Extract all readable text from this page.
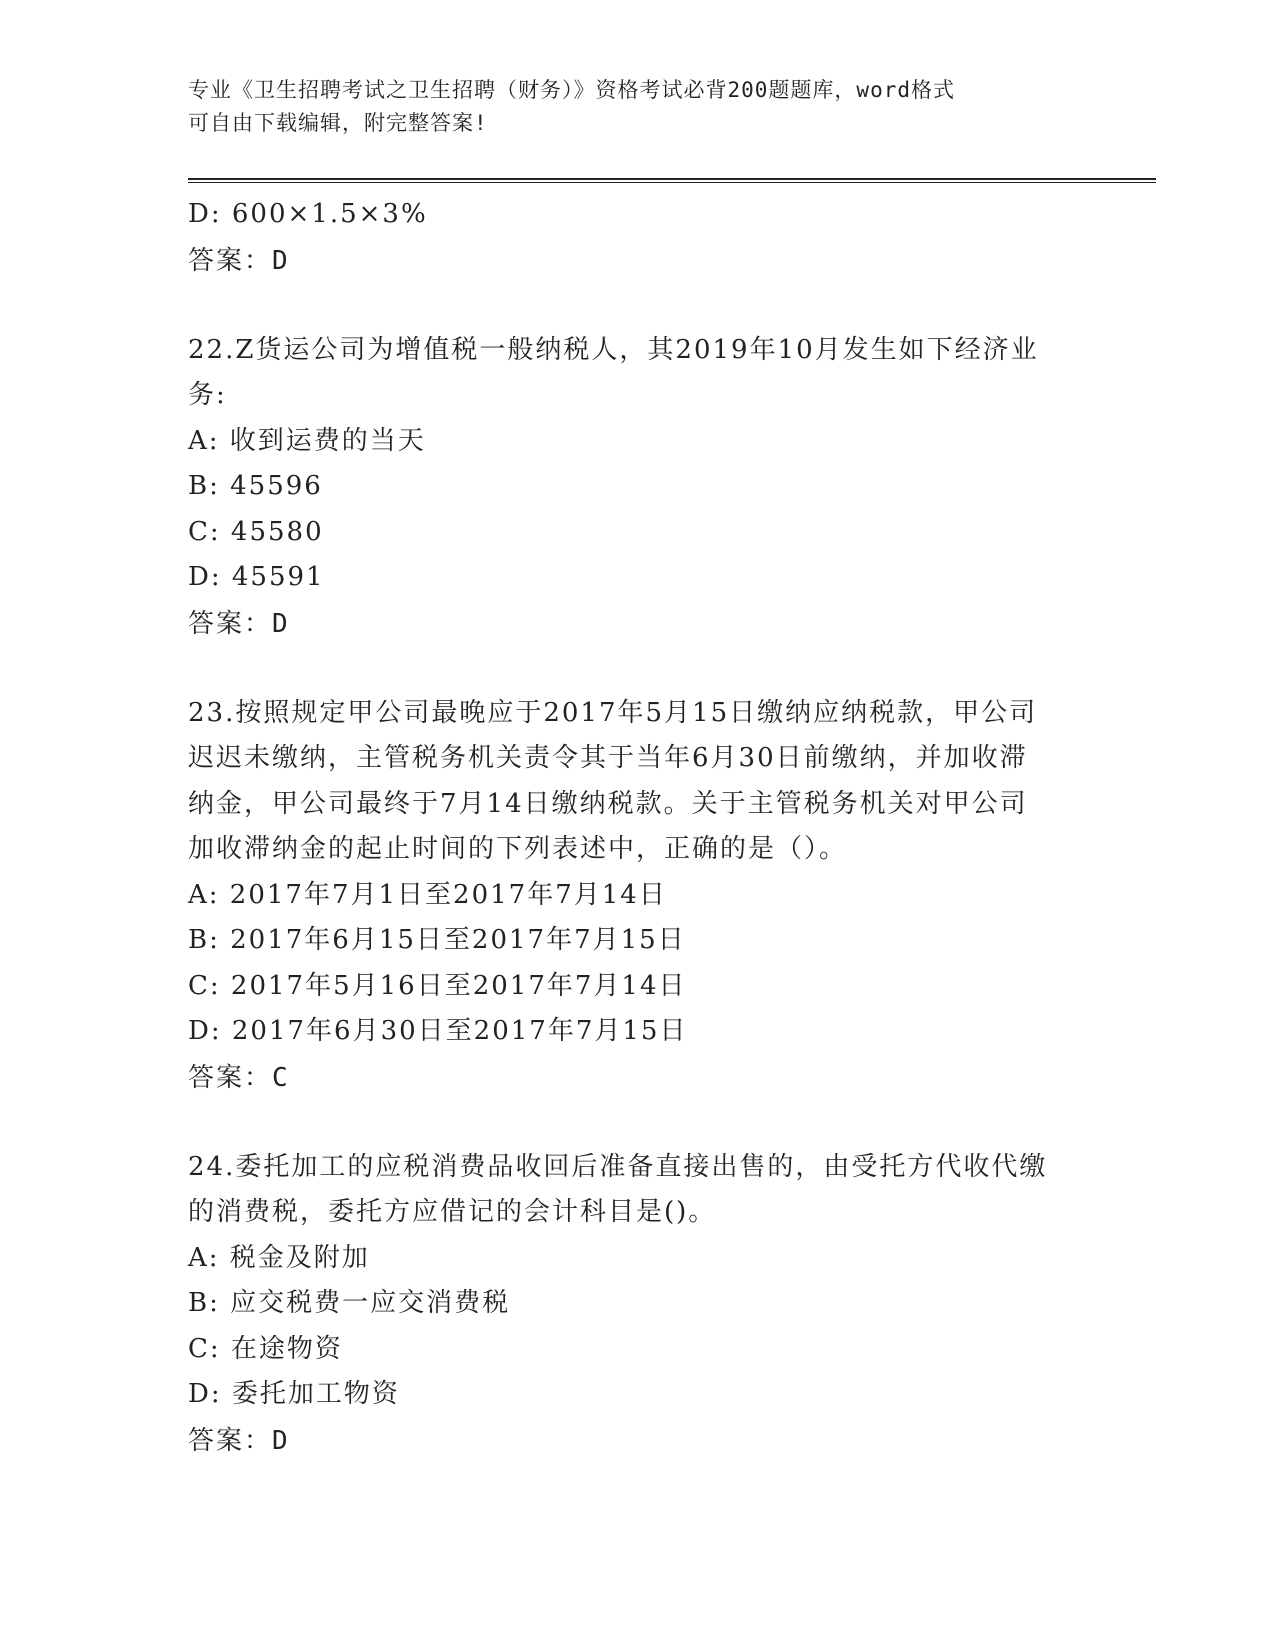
专业《卫生招聘考试之卫生招聘（财务）》资格考试必背200题题库，word格式
可自由下载编辑，附完整答案!
D: 600×1.5×3%
答案：D
22.Z货运公司为增值税一般纳税人，其2019年10月发生如下经济业
务:
A: 收到运费的当天
B: 45596
C: 45580
D: 45591
答案：D
23.按照规定甲公司最晚应于2017年5月15日缴纳应纳税款，甲公司
迟迟未缴纳，主管税务机关责令其于当年6月30日前缴纳，并加收滞
纳金，甲公司最终于7月14日缴纳税款。关于主管税务机关对甲公司
加收滞纳金的起止时间的下列表述中，正确的是（）。
A: 2017年7月1日至2017年7月14日
B: 2017年6月15日至2017年7月15日
C: 2017年5月16日至2017年7月14日
D: 2017年6月30日至2017年7月15日
答案：C
24.委托加工的应税消费品收回后准备直接出售的，由受托方代收代缴
的消费税，委托方应借记的会计科目是()。
A: 税金及附加
B: 应交税费一应交消费税
C: 在途物资
D: 委托加工物资
答案：D
